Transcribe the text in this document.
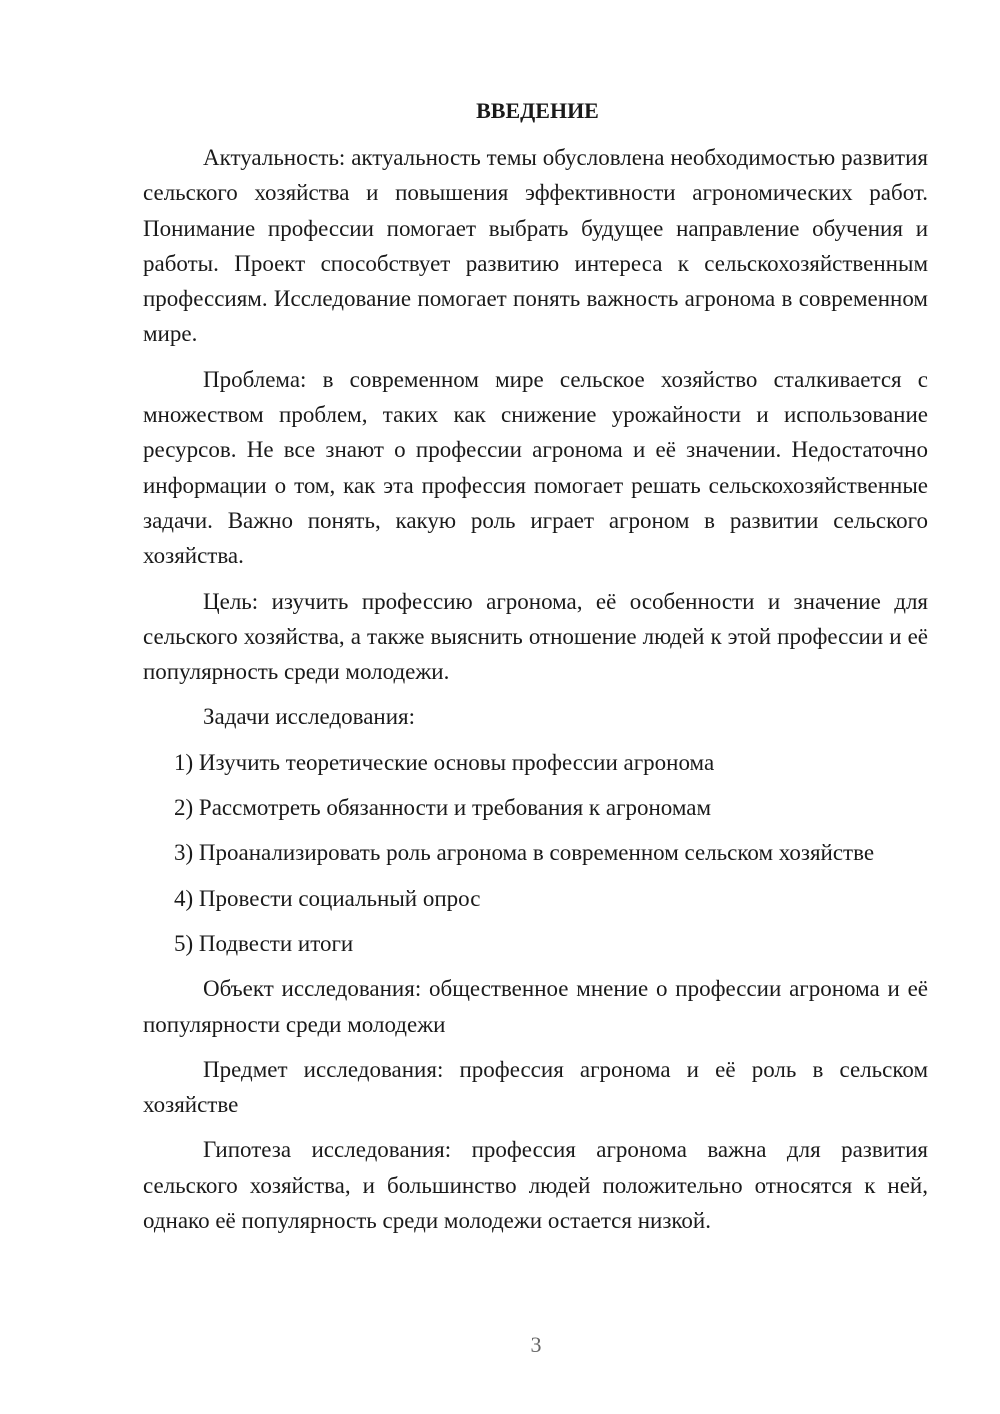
ВВЕДЕНИЕ
Актуальность: актуальность темы обусловлена необходимостью развития сельского хозяйства и повышения эффективности агрономических работ. Понимание профессии помогает выбрать будущее направление обучения и работы. Проект способствует развитию интереса к сельскохозяйственным профессиям. Исследование помогает понять важность агронома в современном мире.
Проблема: в современном мире сельское хозяйство сталкивается с множеством проблем, таких как снижение урожайности и использование ресурсов. Не все знают о профессии агронома и её значении. Недостаточно информации о том, как эта профессия помогает решать сельскохозяйственные задачи. Важно понять, какую роль играет агроном в развитии сельского хозяйства.
Цель: изучить профессию агронома, её особенности и значение для сельского хозяйства, а также выяснить отношение людей к этой профессии и её популярность среди молодежи.
Задачи исследования:
1) Изучить теоретические основы профессии агронома
2) Рассмотреть обязанности и требования к агрономам
3) Проанализировать роль агронома в современном сельском хозяйстве
4) Провести социальный опрос
5) Подвести итоги
Объект исследования: общественное мнение о профессии агронома и её популярности среди молодежи
Предмет исследования: профессия агронома и её роль в сельском хозяйстве
Гипотеза исследования: профессия агронома важна для развития сельского хозяйства, и большинство людей положительно относятся к ней, однако её популярность среди молодежи остается низкой.
3
